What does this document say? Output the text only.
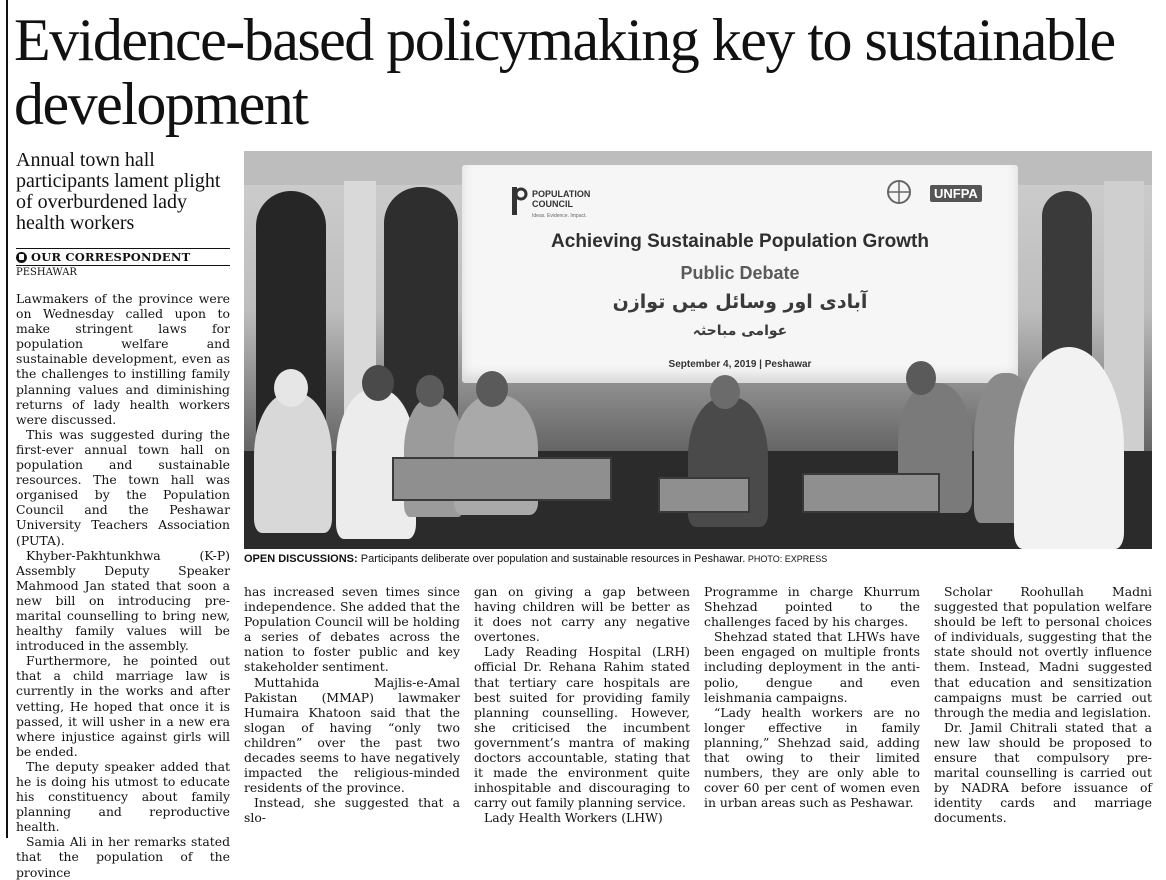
Evidence-based policymaking key to sustainable development

Annual town hall participants lament plight of overburdened lady health workers

OUR CORRESPONDENT
PESHAWAR

Lawmakers of the province were on Wednesday called upon to make stringent laws for population welfare and sustainable development, even as the challenges to instilling family planning values and diminishing returns of lady health workers were discussed.

This was suggested during the first-ever annual town hall on population and sustainable resources. The town hall was organised by the Population Council and the Peshawar University Teachers Association (PUTA).

Khyber-Pakhtunkhwa (K-P) Assembly Deputy Speaker Mahmood Jan stated that soon a new bill on introducing pre-marital counselling to bring new, healthy family values will be introduced in the assembly.

Furthermore, he pointed out that a child marriage law is currently in the works and after vetting, He hoped that once it is passed, it will usher in a new era where injustice against girls will be ended.

The deputy speaker added that he is doing his utmost to educate his constituency about family planning and reproductive health.

Samia Ali in her remarks stated that the population of the province

POPULATION
COUNCIL
Ideas. Evidence. Impact.
UNFPA
Achieving Sustainable Population Growth
Public Debate
آبادی اور وسائل میں توازن
عوامی مباحثہ
September 4, 2019 | Peshawar
OPEN DISCUSSIONS: Participants deliberate over population and sustainable resources in Peshawar. PHOTO: EXPRESS

has increased seven times since independence. She added that the Population Council will be holding a series of debates across the nation to foster public and key stakeholder sentiment.

Muttahida Majlis-e-Amal Pakistan (MMAP) lawmaker Humaira Khatoon said that the slogan of having “only two children” over the past two decades seems to have negatively impacted the religious-minded residents of the province.

Instead, she suggested that a slo-

gan on giving a gap between having children will be better as it does not carry any negative overtones.

Lady Reading Hospital (LRH) official Dr. Rehana Rahim stated that tertiary care hospitals are best suited for providing family planning counselling. However, she criticised the incumbent government’s mantra of making doctors accountable, stating that it made the environment quite inhospitable and discouraging to carry out family planning service.

Lady Health Workers (LHW)

Programme in charge Khurrum Shehzad pointed to the challenges faced by his charges.

Shehzad stated that LHWs have been engaged on multiple fronts including deployment in the anti-polio, dengue and even leishmania campaigns.

“Lady health workers are no longer effective in family planning,” Shehzad said, adding that owing to their limited numbers, they are only able to cover 60 per cent of women even in urban areas such as Peshawar.

Scholar Roohullah Madni suggested that population welfare should be left to personal choices of individuals, suggesting that the state should not overtly influence them. Instead, Madni suggested that education and sensitization campaigns must be carried out through the media and legislation.

Dr. Jamil Chitrali stated that a new law should be proposed to ensure that compulsory pre-marital counselling is carried out by NADRA before issuance of identity cards and marriage documents.
